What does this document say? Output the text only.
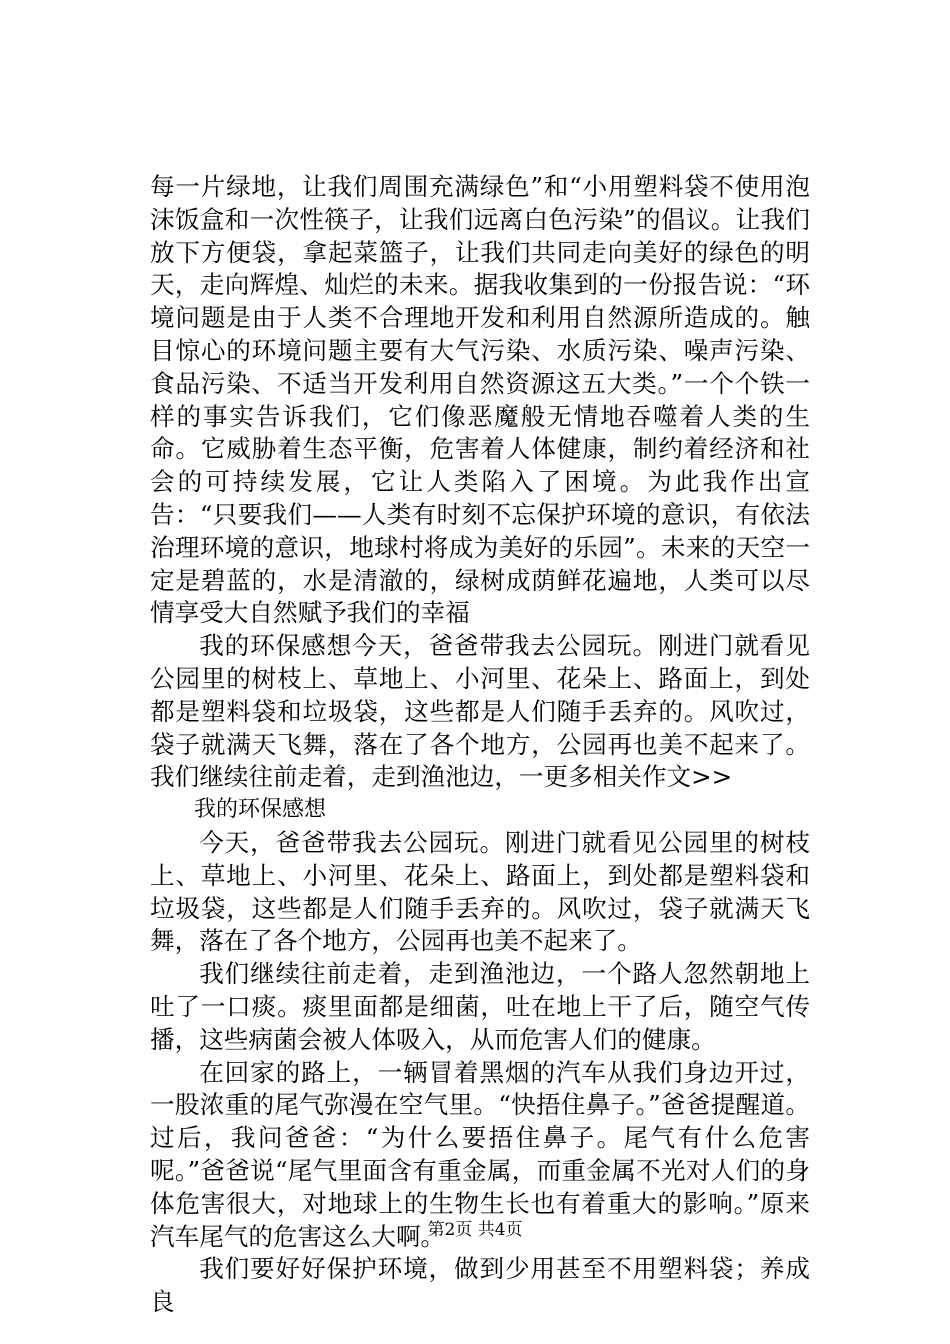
每一片绿地，让我们周围充满绿色”和“小用塑料袋不使用泡沫饭盒和一次性筷子，让我们远离白色污染”的倡议。让我们放下方便袋，拿起菜篮子，让我们共同走向美好的绿色的明天，走向辉煌、灿烂的未来。据我收集到的一份报告说：“环境问题是由于人类不合理地开发和利用自然源所造成的。触目惊心的环境问题主要有大气污染、水质污染、噪声污染、食品污染、不适当开发利用自然资源这五大类。”一个个铁一样的事实告诉我们，它们像恶魔般无情地吞噬着人类的生命。它威胁着生态平衡，危害着人体健康，制约着经济和社会的可持续发展，它让人类陷入了困境。为此我作出宣告：“只要我们——人类有时刻不忘保护环境的意识，有依法治理环境的意识，地球村将成为美好的乐园”。未来的天空一定是碧蓝的，水是清澈的，绿树成荫鲜花遍地，人类可以尽情享受大自然赋予我们的幸福

我的环保感想今天，爸爸带我去公园玩。刚进门就看见公园里的树枝上、草地上、小河里、花朵上、路面上，到处都是塑料袋和垃圾袋，这些都是人们随手丢弃的。风吹过，袋子就满天飞舞，落在了各个地方，公园再也美不起来了。我们继续往前走着，走到渔池边，一更多相关作文>>

我的环保感想

今天，爸爸带我去公园玩。刚进门就看见公园里的树枝上、草地上、小河里、花朵上、路面上，到处都是塑料袋和垃圾袋，这些都是人们随手丢弃的。风吹过，袋子就满天飞舞，落在了各个地方，公园再也美不起来了。

我们继续往前走着，走到渔池边，一个路人忽然朝地上吐了一口痰。痰里面都是细菌，吐在地上干了后，随空气传播，这些病菌会被人体吸入，从而危害人们的健康。

在回家的路上，一辆冒着黑烟的汽车从我们身边开过，一股浓重的尾气弥漫在空气里。“快捂住鼻子。”爸爸提醒道。过后，我问爸爸：“为什么要捂住鼻子。尾气有什么危害呢。”爸爸说“尾气里面含有重金属，而重金属不光对人们的身体危害很大，对地球上的生物生长也有着重大的影响。”原来汽车尾气的危害这么大啊。

我们要好好保护环境，做到少用甚至不用塑料袋；养成良

第2页 共4页
